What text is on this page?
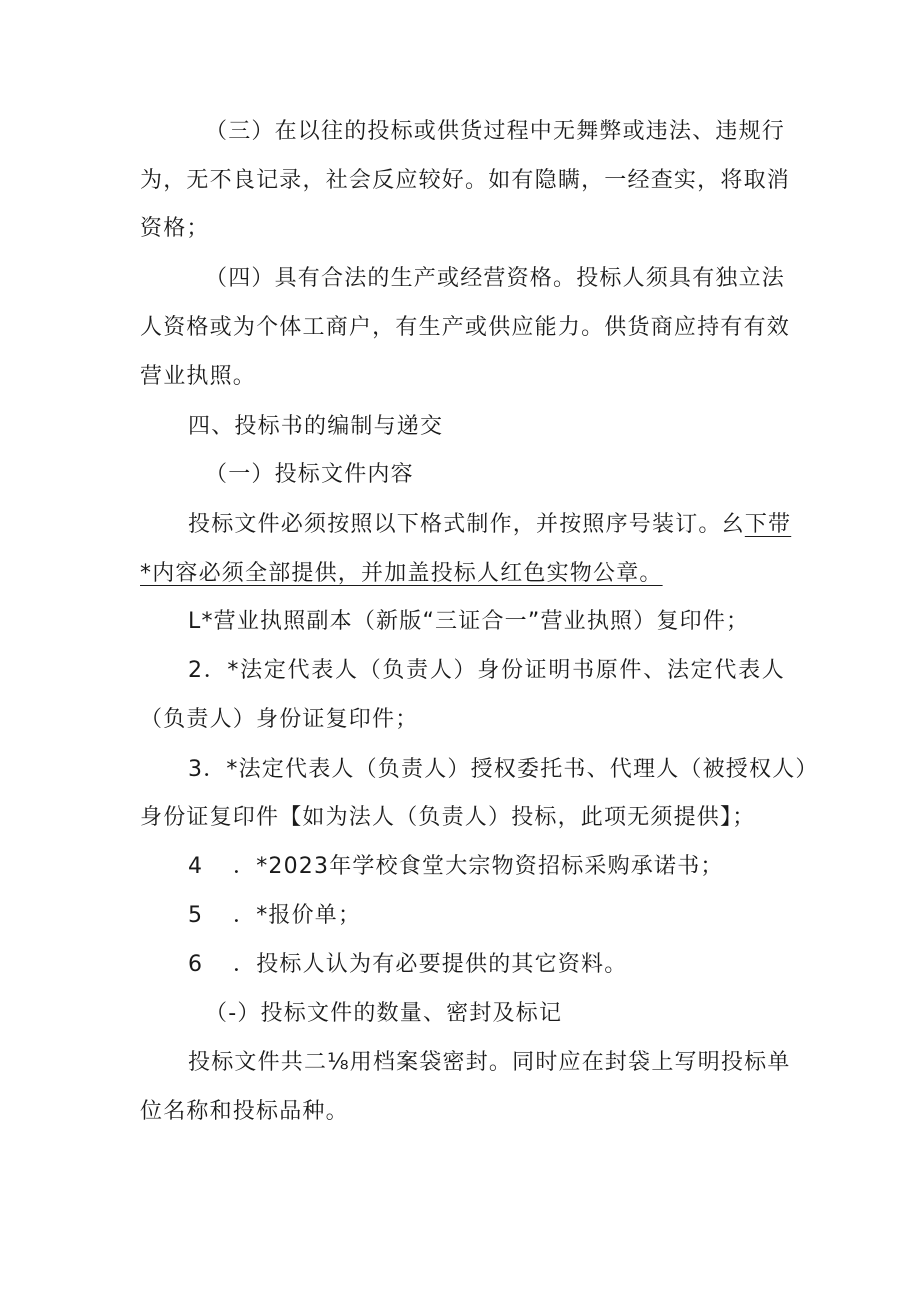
（三）在以往的投标或供货过程中无舞弊或违法、违规行
为，无不良记录，社会反应较好。如有隐瞒，一经查实，将取消
资格；
（四）具有合法的生产或经营资格。投标人须具有独立法
人资格或为个体工商户，有生产或供应能力。供货商应持有有效
营业执照。
四、投标书的编制与递交
（一）投标文件内容
投标文件必须按照以下格式制作，并按照序号装订。幺下带
*内容必须全部提供，并加盖投标人红色实物公章。
L*营业执照副本（新版“三证合一”营业执照）复印件；
2．*法定代表人（负责人）身份证明书原件、法定代表人
（负责人）身份证复印件；
3．*法定代表人（负责人）授权委托书、代理人（被授权人）
身份证复印件【如为法人（负责人）投标，此项无须提供】；
4 ．*2023年学校食堂大宗物资招标采购承诺书；
5 ．*报价单；
6 ．投标人认为有必要提供的其它资料。
（-）投标文件的数量、密封及标记
投标文件共二⅛用档案袋密封。同时应在封袋上写明投标单
位名称和投标品种。
